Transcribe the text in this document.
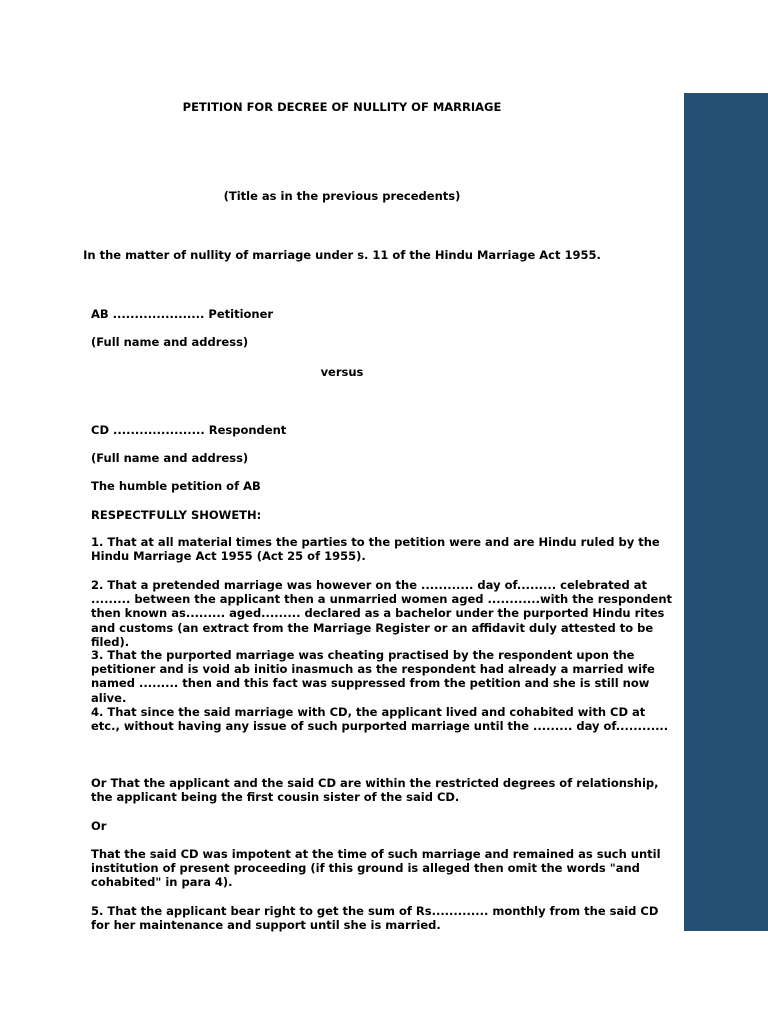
PETITION FOR DECREE OF NULLITY OF MARRIAGE
(Title as in the previous precedents)
In the matter of nullity of marriage under s. 11 of the Hindu Marriage Act 1955.
AB ..................... Petitioner
(Full name and address)
versus
CD ..................... Respondent
(Full name and address)
The humble petition of AB
RESPECTFULLY SHOWETH:
1. That at all material times the parties to the petition were and are Hindu ruled by the Hindu Marriage Act 1955 (Act 25 of 1955).
2. That a pretended marriage was however on the ............ day of......... celebrated at ......... between the applicant then a unmarried women aged ............with the respondent then known as......... aged......... declared as a bachelor under the purported Hindu rites and customs (an extract from the Marriage Register or an affidavit duly attested to be filed).
3. That the purported marriage was cheating practised by the respondent upon the petitioner and is void ab initio inasmuch as the respondent had already a married wife named ......... then and this fact was suppressed from the petition and she is still now alive.
4. That since the said marriage with CD, the applicant lived and cohabited with CD at etc., without having any issue of such purported marriage until the ......... day of............
Or That the applicant and the said CD are within the restricted degrees of relationship, the applicant being the first cousin sister of the said CD.
Or
That the said CD was impotent at the time of such marriage and remained as such until institution of present proceeding (if this ground is alleged then omit the words "and cohabited" in para 4).
5. That the applicant bear right to get the sum of Rs............. monthly from the said CD for her maintenance and support until she is married.
